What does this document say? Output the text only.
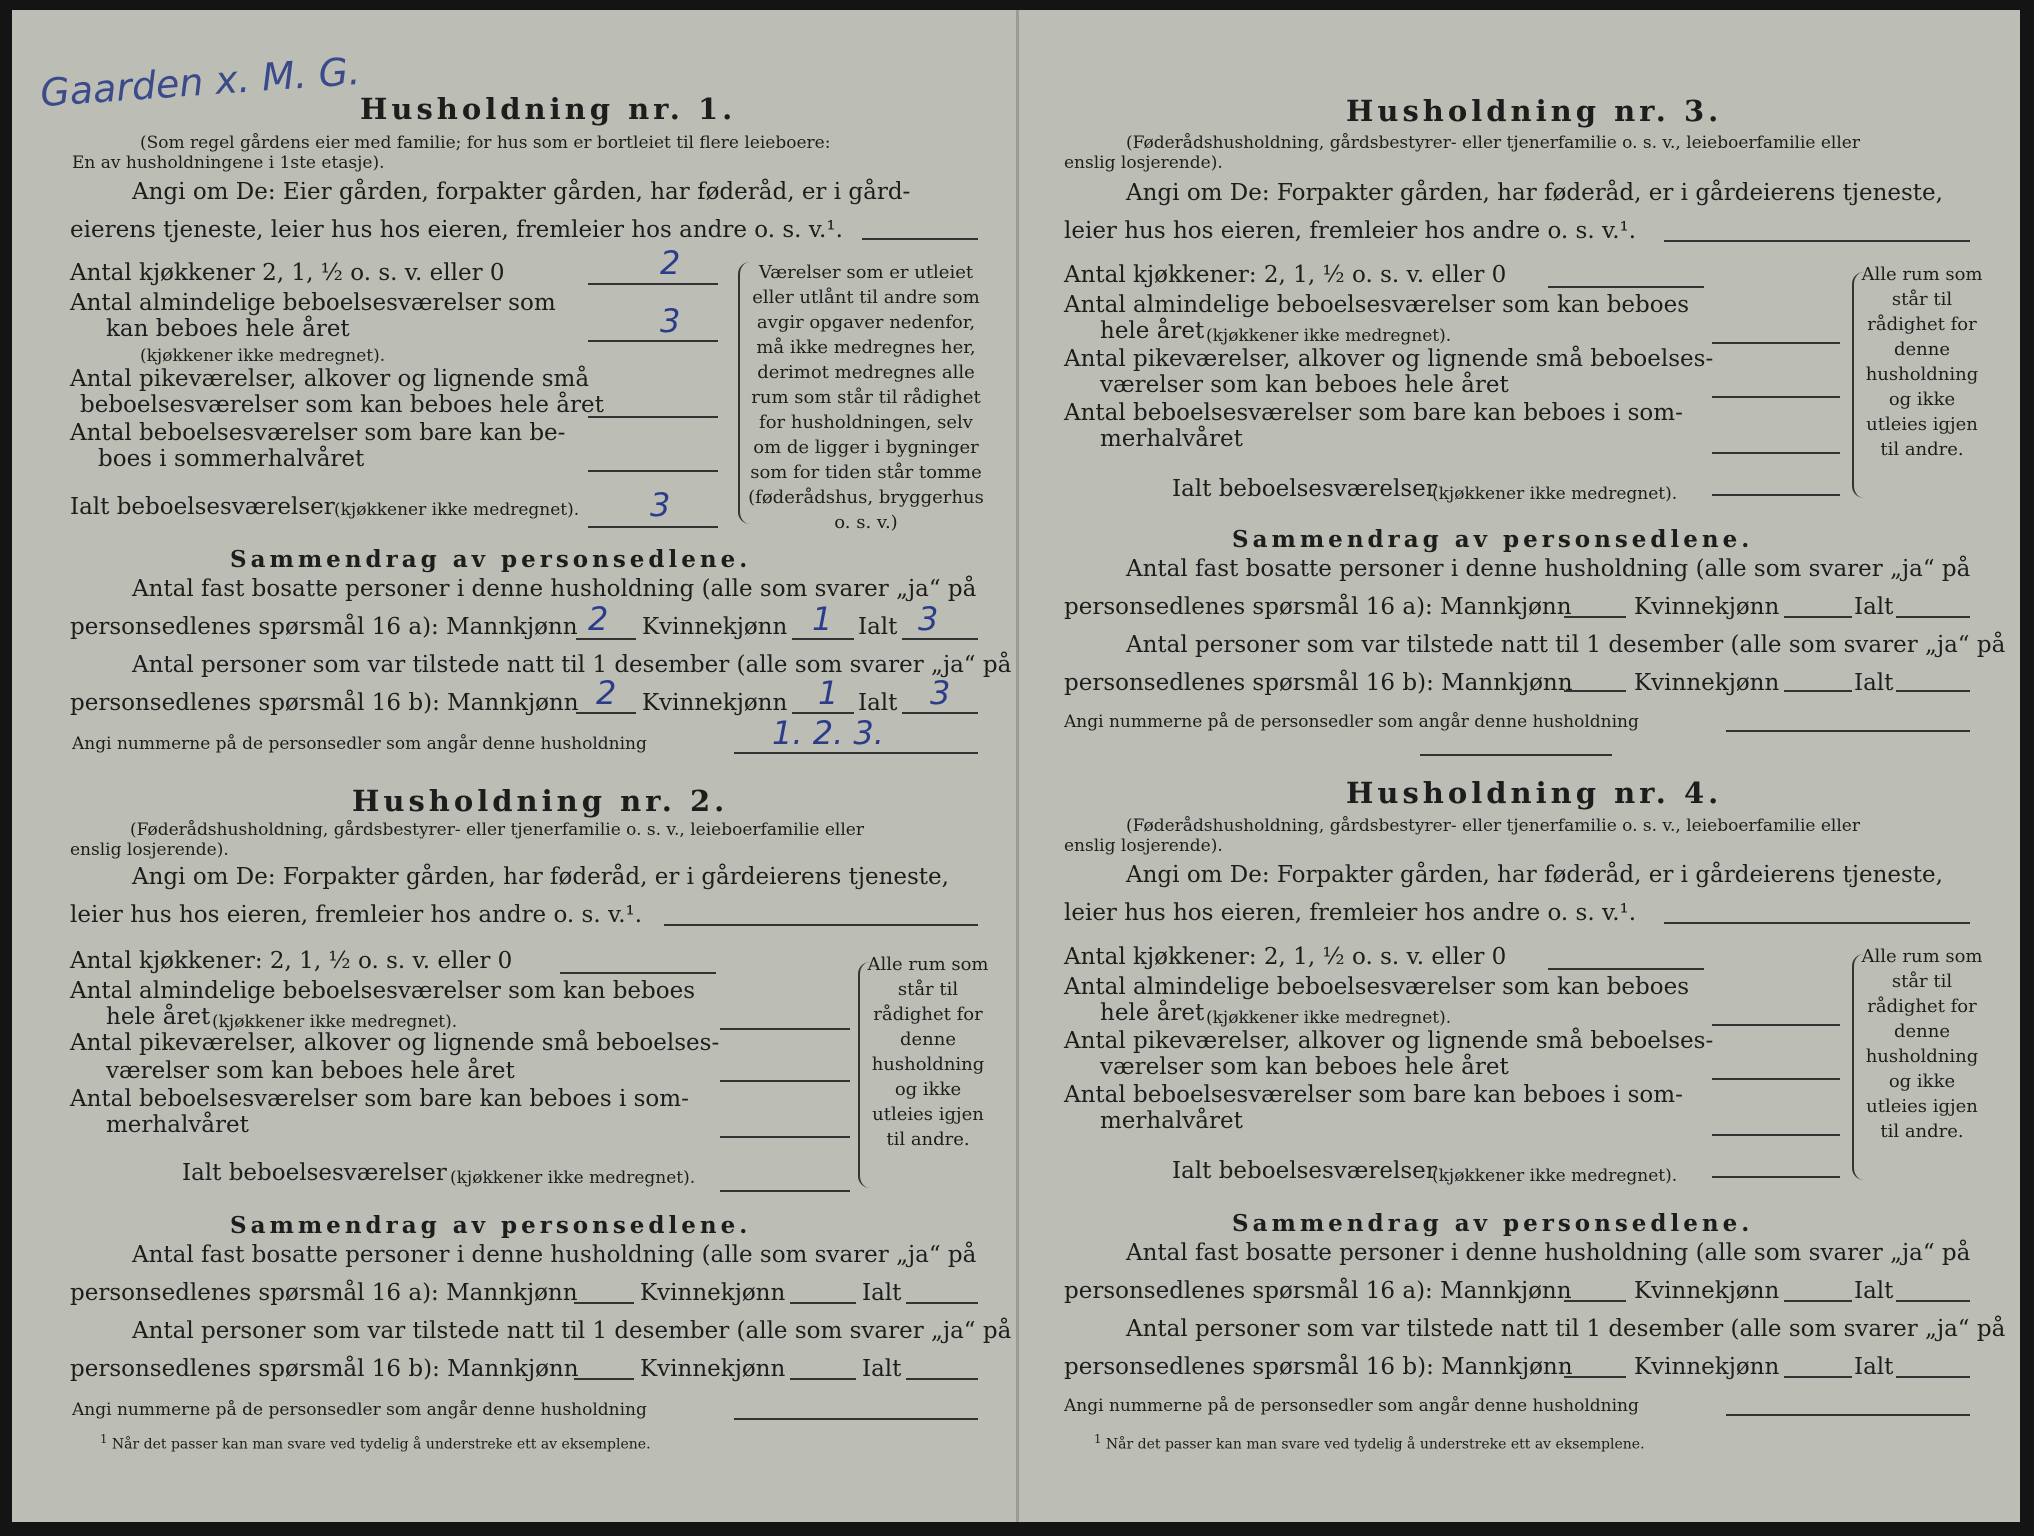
Gaarden x. M. G.
Husholdning nr. 1.
(Som regel gårdens eier med familie; for hus som er bortleiet til flere leieboere:
En av husholdningene i 1ste etasje).
Angi om De: Eier gården, forpakter gården, har føderåd, er i gård-
eierens tjeneste, leier hus hos eieren, fremleier hos andre o. s. v.¹.
Antal kjøkkener 2, 1, ½ o. s. v. eller 0	2
Antal almindelige beboelsesværelser som
kan beboes hele året	3
(kjøkkener ikke medregnet).
Antal pikeværelser, alkover og lignende små
beboelsesværelser som kan beboes hele året
Antal beboelsesværelser som bare kan be-
boes i sommerhalvåret
Ialt beboelsesværelser (kjøkkener ikke medregnet). 3
Værelser som er utleiet eller utlånt til andre som avgir opgaver nedenfor, må ikke medregnes her, derimot medregnes alle rum som står til rådighet for husholdningen, selv om de ligger i bygninger som for tiden står tomme (føderådshus, bryggerhus o. s. v.)
Sammendrag av personsedlene.
Antal fast bosatte personer i denne husholdning (alle som svarer „ja“ på
personsedlenes spørsmål 16 a): Mannkjønn 2 Kvinnekjønn 1 Ialt 3
Antal personer som var tilstede natt til 1 desember (alle som svarer „ja“ på
personsedlenes spørsmål 16 b): Mannkjønn 2 Kvinnekjønn 1 Ialt 3
Angi nummerne på de personsedler som angår denne husholdning	1. 2. 3.
Husholdning nr. 2.
(Føderådshusholdning, gårdsbestyrer- eller tjenerfamilie o. s. v., leieboerfamilie eller
enslig losjerende).
Angi om De: Forpakter gården, har føderåd, er i gårdeierens tjeneste,
leier hus hos eieren, fremleier hos andre o. s. v.¹.
Antal kjøkkener: 2, 1, ½ o. s. v. eller 0
Antal almindelige beboelsesværelser som kan beboes
hele året (kjøkkener ikke medregnet).
Antal pikeværelser, alkover og lignende små beboelses-
værelser som kan beboes hele året
Antal beboelsesværelser som bare kan beboes i som-
merhalvåret
Ialt beboelsesværelser (kjøkkener ikke medregnet).
Alle rum som står til rådighet for denne husholdning og ikke utleies igjen til andre.
Sammendrag av personsedlene.
Antal fast bosatte personer i denne husholdning (alle som svarer „ja“ på
personsedlenes spørsmål 16 a): Mannkjønn	Kvinnekjønn	Ialt
Antal personer som var tilstede natt til 1 desember (alle som svarer „ja“ på
personsedlenes spørsmål 16 b): Mannkjønn	Kvinnekjønn	Ialt
Angi nummerne på de personsedler som angår denne husholdning
$^1$ Når det passer kan man svare ved tydelig å understreke ett av eksemplene.
Husholdning nr. 3.
(Føderådshusholdning, gårdsbestyrer- eller tjenerfamilie o. s. v., leieboerfamilie eller
enslig losjerende).
Angi om De: Forpakter gården, har føderåd, er i gårdeierens tjeneste,
leier hus hos eieren, fremleier hos andre o. s. v.¹.
Antal kjøkkener: 2, 1, ½ o. s. v. eller 0
Antal almindelige beboelsesværelser som kan beboes
hele året (kjøkkener ikke medregnet).
Antal pikeværelser, alkover og lignende små beboelses-
værelser som kan beboes hele året
Antal beboelsesværelser som bare kan beboes i som-
merhalvåret
Ialt beboelsesværelser
(kjøkkener ikke medregnet).
Alle rum som står til rådighet for denne husholdning og ikke utleies igjen til andre.
Sammendrag av personsedlene.
Antal fast bosatte personer i denne husholdning (alle som svarer „ja“ på
personsedlenes spørsmål 16 a): Mannkjønn	Kvinnekjønn	Ialt
Antal personer som var tilstede natt til 1 desember (alle som svarer „ja“ på
personsedlenes spørsmål 16 b): Mannkjønn	Kvinnekjønn	Ialt
Angi nummerne på de personsedler som angår denne husholdning
Husholdning nr. 4.
(Føderådshusholdning, gårdsbestyrer- eller tjenerfamilie o. s. v., leieboerfamilie eller
enslig losjerende).
Angi om De: Forpakter gården, har føderåd, er i gårdeierens tjeneste,
leier hus hos eieren, fremleier hos andre o. s. v.¹.
Antal kjøkkener: 2, 1, ½ o. s. v. eller 0
Antal almindelige beboelsesværelser som kan beboes
hele året (kjøkkener ikke medregnet).
Antal pikeværelser, alkover og lignende små beboelses-
værelser som kan beboes hele året
Antal beboelsesværelser som bare kan beboes i som-
merhalvåret
Ialt beboelsesværelser
(kjøkkener ikke medregnet).
Alle rum som står til rådighet for denne husholdning og ikke utleies igjen til andre.
Sammendrag av personsedlene.
Antal fast bosatte personer i denne husholdning (alle som svarer „ja“ på
personsedlenes spørsmål 16 a): Mannkjønn	Kvinnekjønn	Ialt
Antal personer som var tilstede natt til 1 desember (alle som svarer „ja“ på
personsedlenes spørsmål 16 b): Mannkjønn	Kvinnekjønn	Ialt
Angi nummerne på de personsedler som angår denne husholdning
$^1$ Når det passer kan man svare ved tydelig å understreke ett av eksemplene.
